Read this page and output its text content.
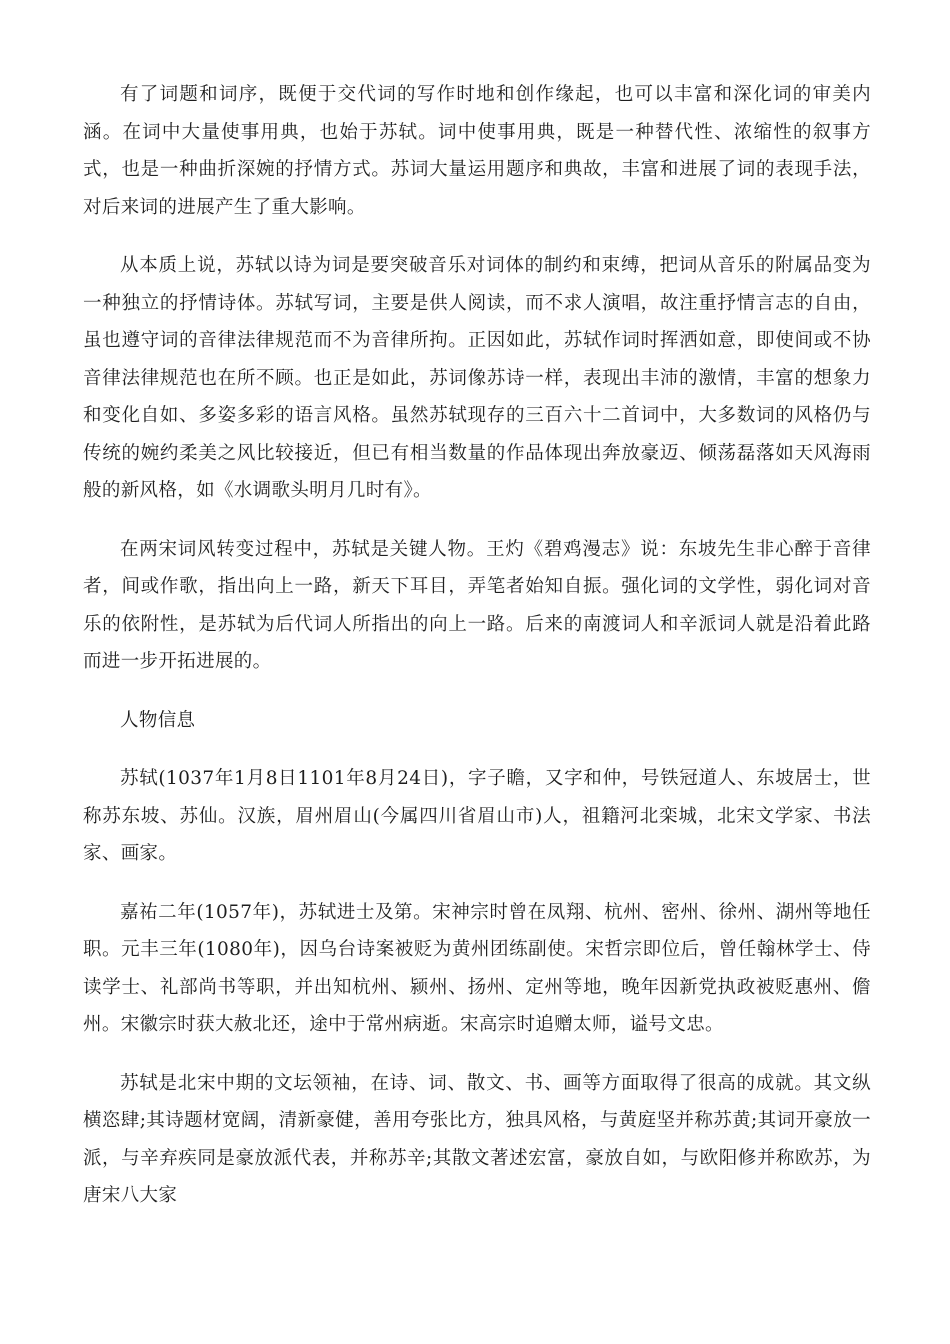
有了词题和词序，既便于交代词的写作时地和创作缘起，也可以丰富和深化词的审美内涵。在词中大量使事用典，也始于苏轼。词中使事用典，既是一种替代性、浓缩性的叙事方式，也是一种曲折深婉的抒情方式。苏词大量运用题序和典故，丰富和进展了词的表现手法，对后来词的进展产生了重大影响。

从本质上说，苏轼以诗为词是要突破音乐对词体的制约和束缚，把词从音乐的附属品变为一种独立的抒情诗体。苏轼写词，主要是供人阅读，而不求人演唱，故注重抒情言志的自由，虽也遵守词的音律法律规范而不为音律所拘。正因如此，苏轼作词时挥洒如意，即使间或不协音律法律规范也在所不顾。也正是如此，苏词像苏诗一样，表现出丰沛的激情，丰富的想象力和变化自如、多姿多彩的语言风格。虽然苏轼现存的三百六十二首词中，大多数词的风格仍与传统的婉约柔美之风比较接近，但已有相当数量的作品体现出奔放豪迈、倾荡磊落如天风海雨般的新风格，如《水调歌头明月几时有》。

在两宋词风转变过程中，苏轼是关键人物。王灼《碧鸡漫志》说：东坡先生非心醉于音律者，间或作歌，指出向上一路，新天下耳目，弄笔者始知自振。强化词的文学性，弱化词对音乐的依附性，是苏轼为后代词人所指出的向上一路。后来的南渡词人和辛派词人就是沿着此路而进一步开拓进展的。

人物信息

苏轼(1037年1月8日1101年8月24日)，字子瞻，又字和仲，号铁冠道人、东坡居士，世称苏东坡、苏仙。汉族，眉州眉山(今属四川省眉山市)人，祖籍河北栾城，北宋文学家、书法家、画家。

嘉祐二年(1057年)，苏轼进士及第。宋神宗时曾在凤翔、杭州、密州、徐州、湖州等地任职。元丰三年(1080年)，因乌台诗案被贬为黄州团练副使。宋哲宗即位后，曾任翰林学士、侍读学士、礼部尚书等职，并出知杭州、颍州、扬州、定州等地，晚年因新党执政被贬惠州、儋州。宋徽宗时获大赦北还，途中于常州病逝。宋高宗时追赠太师，谥号文忠。

苏轼是北宋中期的文坛领袖，在诗、词、散文、书、画等方面取得了很高的成就。其文纵横恣肆;其诗题材宽阔，清新豪健，善用夸张比方，独具风格，与黄庭坚并称苏黄;其词开豪放一派，与辛弃疾同是豪放派代表，并称苏辛;其散文著述宏富，豪放自如，与欧阳修并称欧苏，为唐宋八大家
